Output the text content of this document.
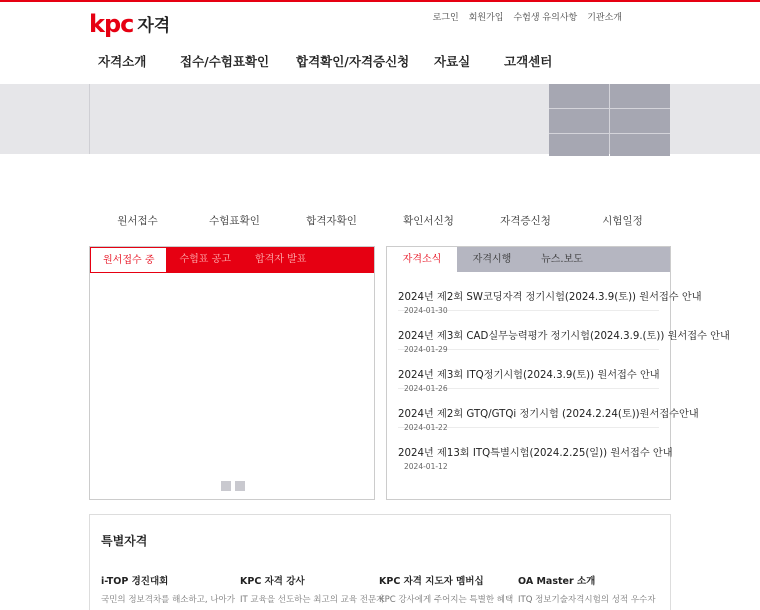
kpc 자격	로그인 회원가입 수험생 유의사항 기관소개
자격소개	접수/수험표확인	합격확인/자격증신청	자료실	고객센터
원서접수	수험표확인	합격자확인	확인서신청	자격증신청	시험일정
원서접수 중	수험표 공고	합격자 발표	자격소식	자격시행	뉴스.보도
2024년 제2회 SW코딩자격 정기시험(2024.3.9(토)) 원서접수 안내
2024-01-30
2024년 제3회 CAD실무능력평가 정기시험(2024.3.9.(토)) 원서접수 안내
2024-01-29
2024년 제3회 ITQ정기시험(2024.3.9(토)) 원서접수 안내
2024-01-26
2024년 제2회 GTQ/GTQi 정기시험 (2024.2.24(토))원서접수안내
2024-01-22
2024년 제13회 ITQ특별시험(2024.2.25(일)) 원서접수 안내
2024-01-12
특별자격
i-TOP 경진대회
국민의 정보격차를 해소하고, 나아가
KPC 자격 강사
IT 교육을 선도하는 최고의 교육 전문가
KPC 자격 지도자 멤버십
KPC 강사에게 주어지는 특별한 혜택
OA Master 소개
ITQ 정보기술자격시험의 성적 우수자
